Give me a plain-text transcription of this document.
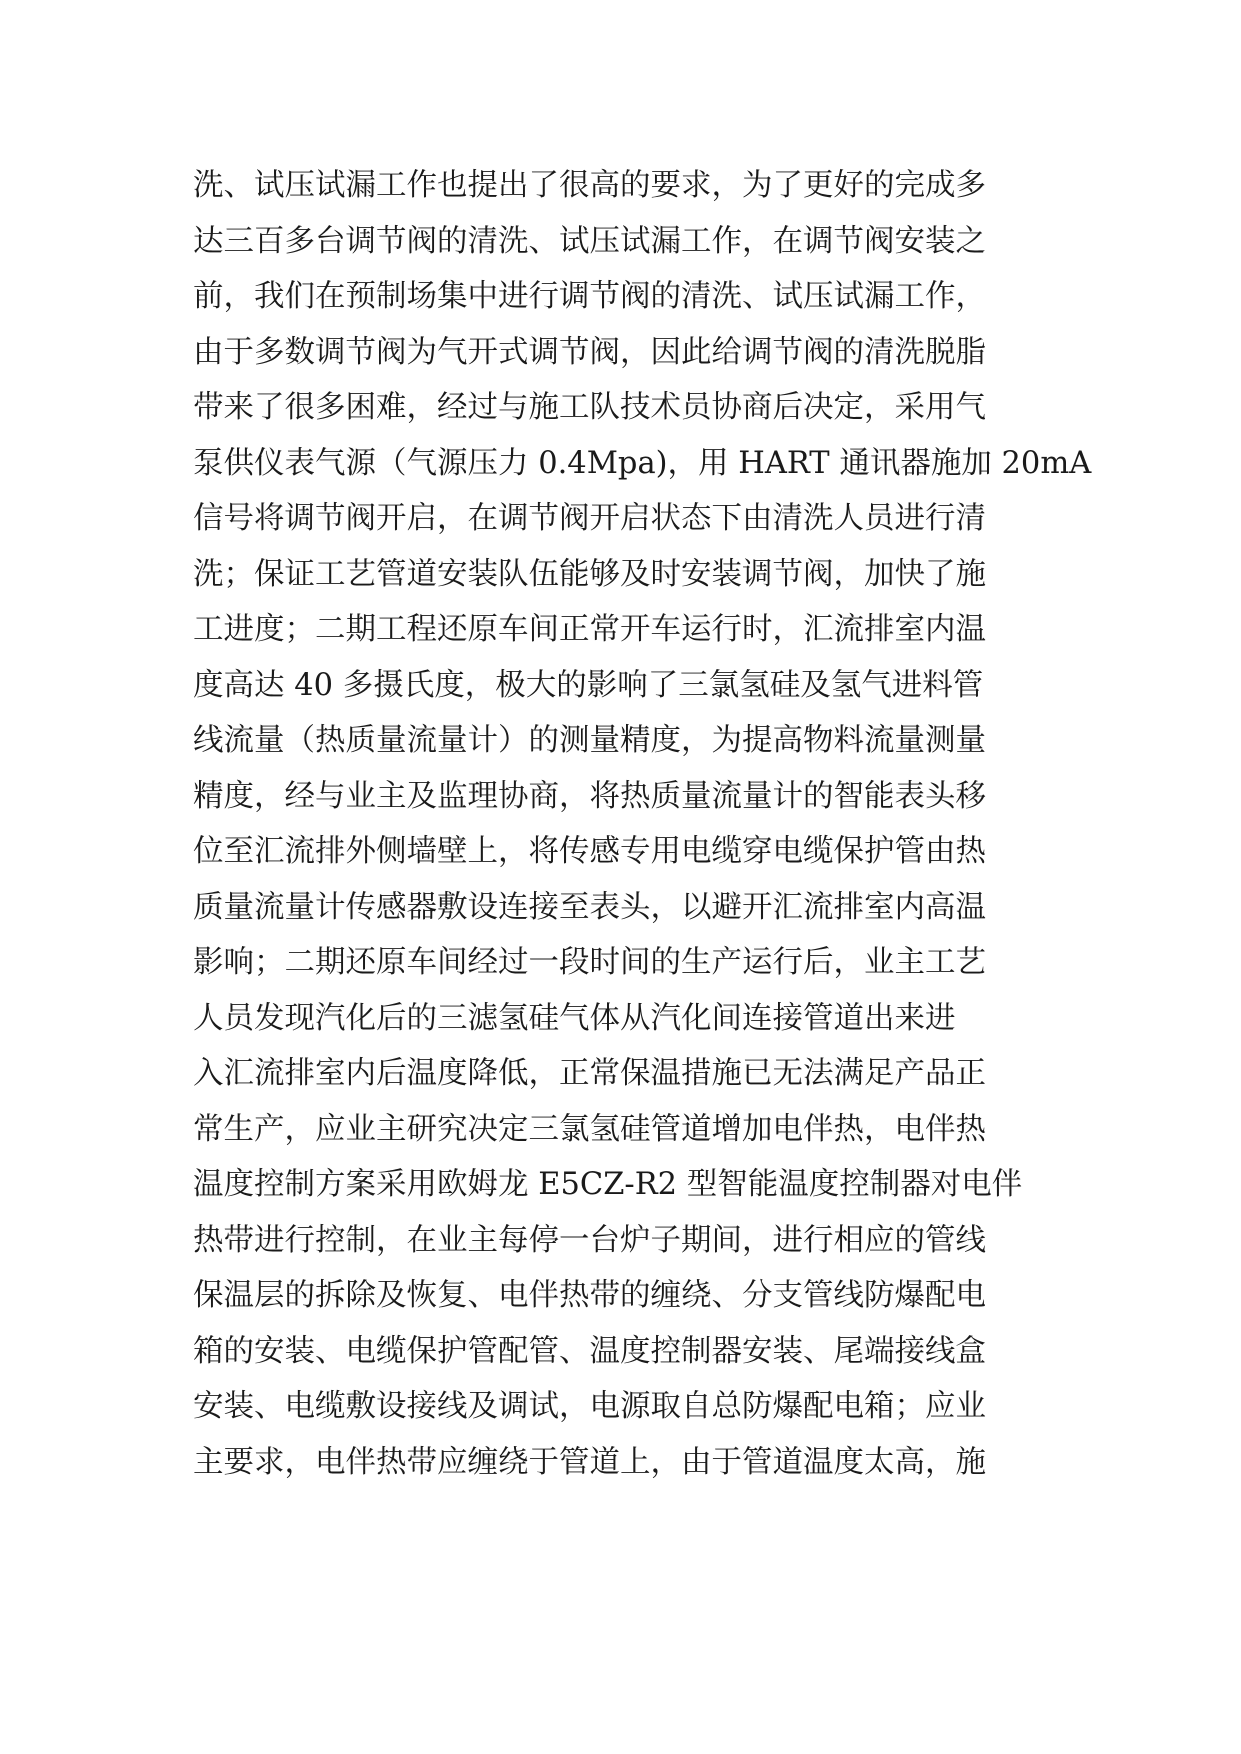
洗、试压试漏工作也提出了很高的要求，为了更好的完成多
达三百多台调节阀的清洗、试压试漏工作，在调节阀安装之
前，我们在预制场集中进行调节阀的清洗、试压试漏工作，
由于多数调节阀为气开式调节阀，因此给调节阀的清洗脱脂
带来了很多困难，经过与施工队技术员协商后决定，采用气
泵供仪表气源（气源压力 0.4Mpa)，用 HART 通讯器施加 20mA
信号将调节阀开启，在调节阀开启状态下由清洗人员进行清
洗；保证工艺管道安装队伍能够及时安装调节阀，加快了施
工进度；二期工程还原车间正常开车运行时，汇流排室内温
度高达 40 多摄氏度，极大的影响了三氯氢硅及氢气进料管
线流量（热质量流量计）的测量精度，为提高物料流量测量
精度，经与业主及监理协商，将热质量流量计的智能表头移
位至汇流排外侧墙壁上，将传感专用电缆穿电缆保护管由热
质量流量计传感器敷设连接至表头，以避开汇流排室内高温
影响；二期还原车间经过一段时间的生产运行后，业主工艺
人员发现汽化后的三滤氢硅气体从汽化间连接管道出来进
入汇流排室内后温度降低，正常保温措施已无法满足产品正
常生产，应业主研究决定三氯氢硅管道增加电伴热，电伴热
温度控制方案采用欧姆龙 E5CZ-R2 型智能温度控制器对电伴
热带进行控制，在业主每停一台炉子期间，进行相应的管线
保温层的拆除及恢复、电伴热带的缠绕、分支管线防爆配电
箱的安装、电缆保护管配管、温度控制器安装、尾端接线盒
安装、电缆敷设接线及调试，电源取自总防爆配电箱；应业
主要求，电伴热带应缠绕于管道上，由于管道温度太高，施
